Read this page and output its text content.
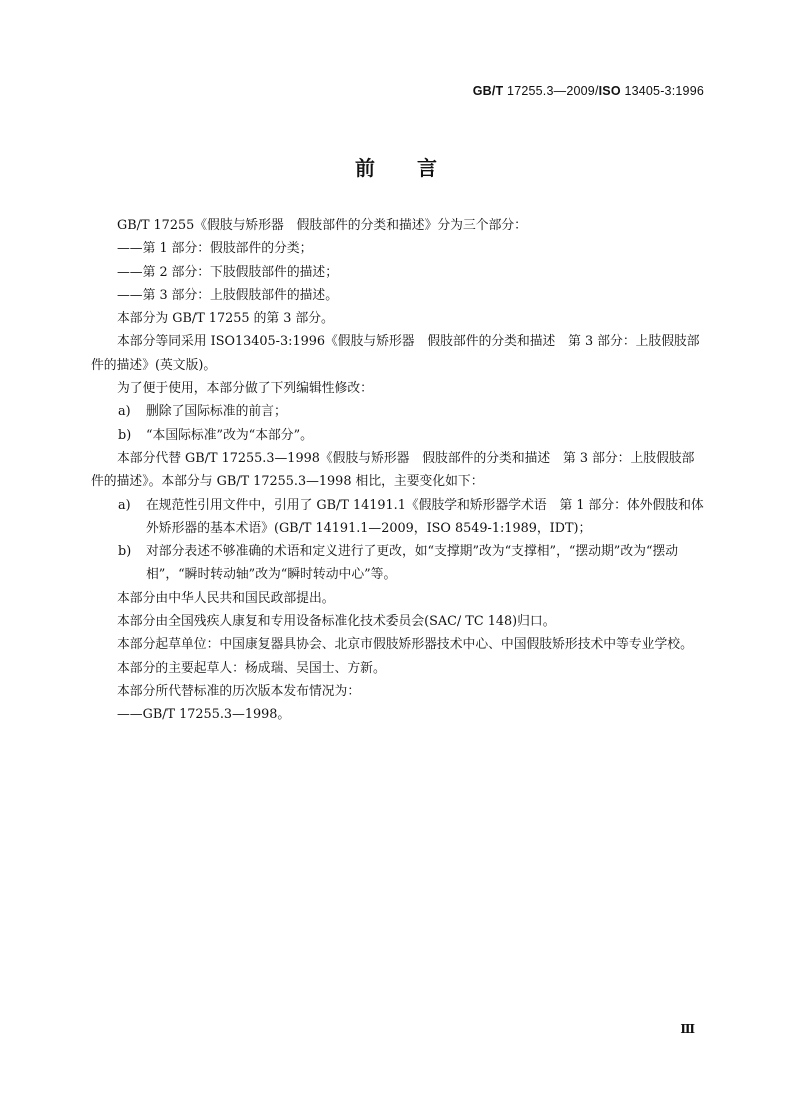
GB/T 17255.3—2009/ISO 13405-3:1996
前言

GB/T 17255《假肢与矫形器　假肢部件的分类和描述》分为三个部分：

——第 1 部分：假肢部件的分类；

——第 2 部分：下肢假肢部件的描述；

——第 3 部分：上肢假肢部件的描述。

本部分为 GB/T 17255 的第 3 部分。

本部分等同采用 ISO13405-3:1996《假肢与矫形器　假肢部件的分类和描述　第 3 部分：上肢假肢部件的描述》(英文版)。

为了便于使用，本部分做了下列编辑性修改：

a) 删除了国际标准的前言；

b) “本国际标准”改为“本部分”。

本部分代替 GB/T 17255.3—1998《假肢与矫形器　假肢部件的分类和描述　第 3 部分：上肢假肢部件的描述》。本部分与 GB/T 17255.3—1998 相比，主要变化如下：

a) 在规范性引用文件中，引用了 GB/T 14191.1《假肢学和矫形器学术语　第 1 部分：体外假肢和体外矫形器的基本术语》(GB/T 14191.1—2009，ISO 8549-1:1989，IDT)；

b) 对部分表述不够准确的术语和定义进行了更改，如“支撑期”改为“支撑相”，“摆动期”改为“摆动相”，“瞬时转动轴”改为“瞬时转动中心”等。

本部分由中华人民共和国民政部提出。

本部分由全国残疾人康复和专用设备标准化技术委员会(SAC/ TC 148)归口。

本部分起草单位：中国康复器具协会、北京市假肢矫形器技术中心、中国假肢矫形技术中等专业学校。

本部分的主要起草人：杨成瑞、吴国士、方新。

本部分所代替标准的历次版本发布情况为：

——GB/T 17255.3—1998。

Ⅲ
